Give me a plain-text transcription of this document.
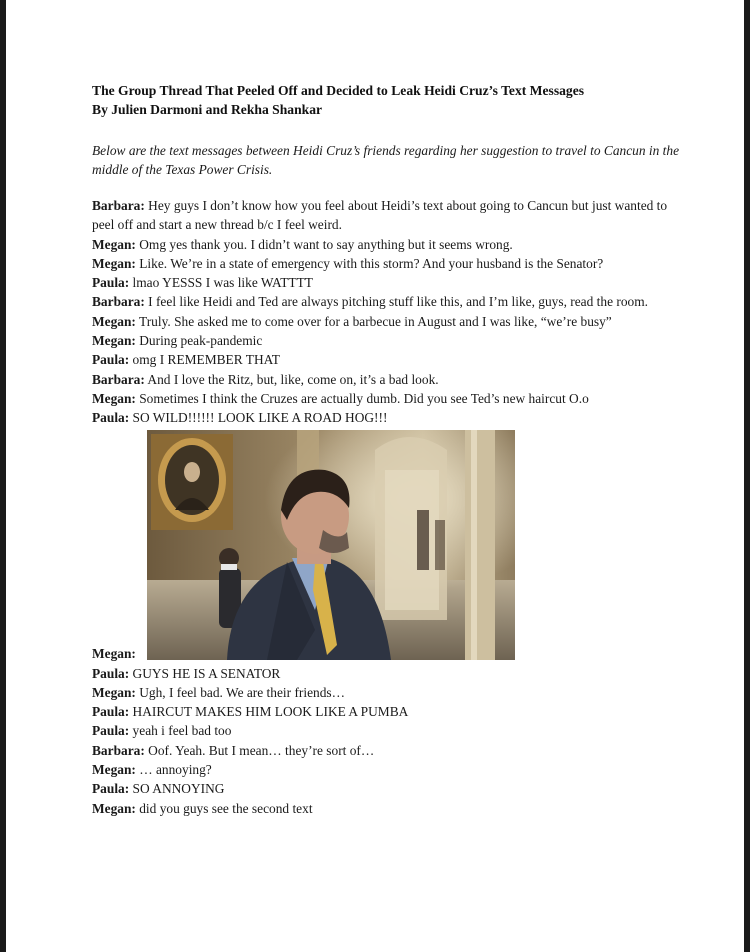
The Group Thread That Peeled Off and Decided to Leak Heidi Cruz’s Text Messages

By Julien Darmoni and Rekha Shankar

Below are the text messages between Heidi Cruz’s friends regarding her suggestion to travel to Cancun in the middle of the Texas Power Crisis.

Barbara: Hey guys I don’t know how you feel about Heidi’s text about going to Cancun but just wanted to peel off and start a new thread b/c I feel weird.

Megan: Omg yes thank you. I didn’t want to say anything but it seems wrong.

Megan: Like. We’re in a state of emergency with this storm? And your husband is the Senator?

Paula: lmao YESSS I was like WATTTT

Barbara: I feel like Heidi and Ted are always pitching stuff like this, and I’m like, guys, read the room.

Megan: Truly. She asked me to come over for a barbecue in August and I was like, “we’re busy”

Megan: During peak-pandemic

Paula: omg I REMEMBER THAT

Barbara: And I love the Ritz, but, like, come on, it’s a bad look.

Megan: Sometimes I think the Cruzes are actually dumb. Did you see Ted’s new haircut O.o

Paula: SO WILD!!!!!! LOOK LIKE A ROAD HOG!!!

Megan:

Paula: GUYS HE IS A SENATOR

Megan: Ugh, I feel bad. We are their friends…

Paula: HAIRCUT MAKES HIM LOOK LIKE A PUMBA

Paula: yeah i feel bad too

Barbara: Oof. Yeah. But I mean… they’re sort of…

Megan: … annoying?

Paula: SO ANNOYING

Megan: did you guys see the second text
